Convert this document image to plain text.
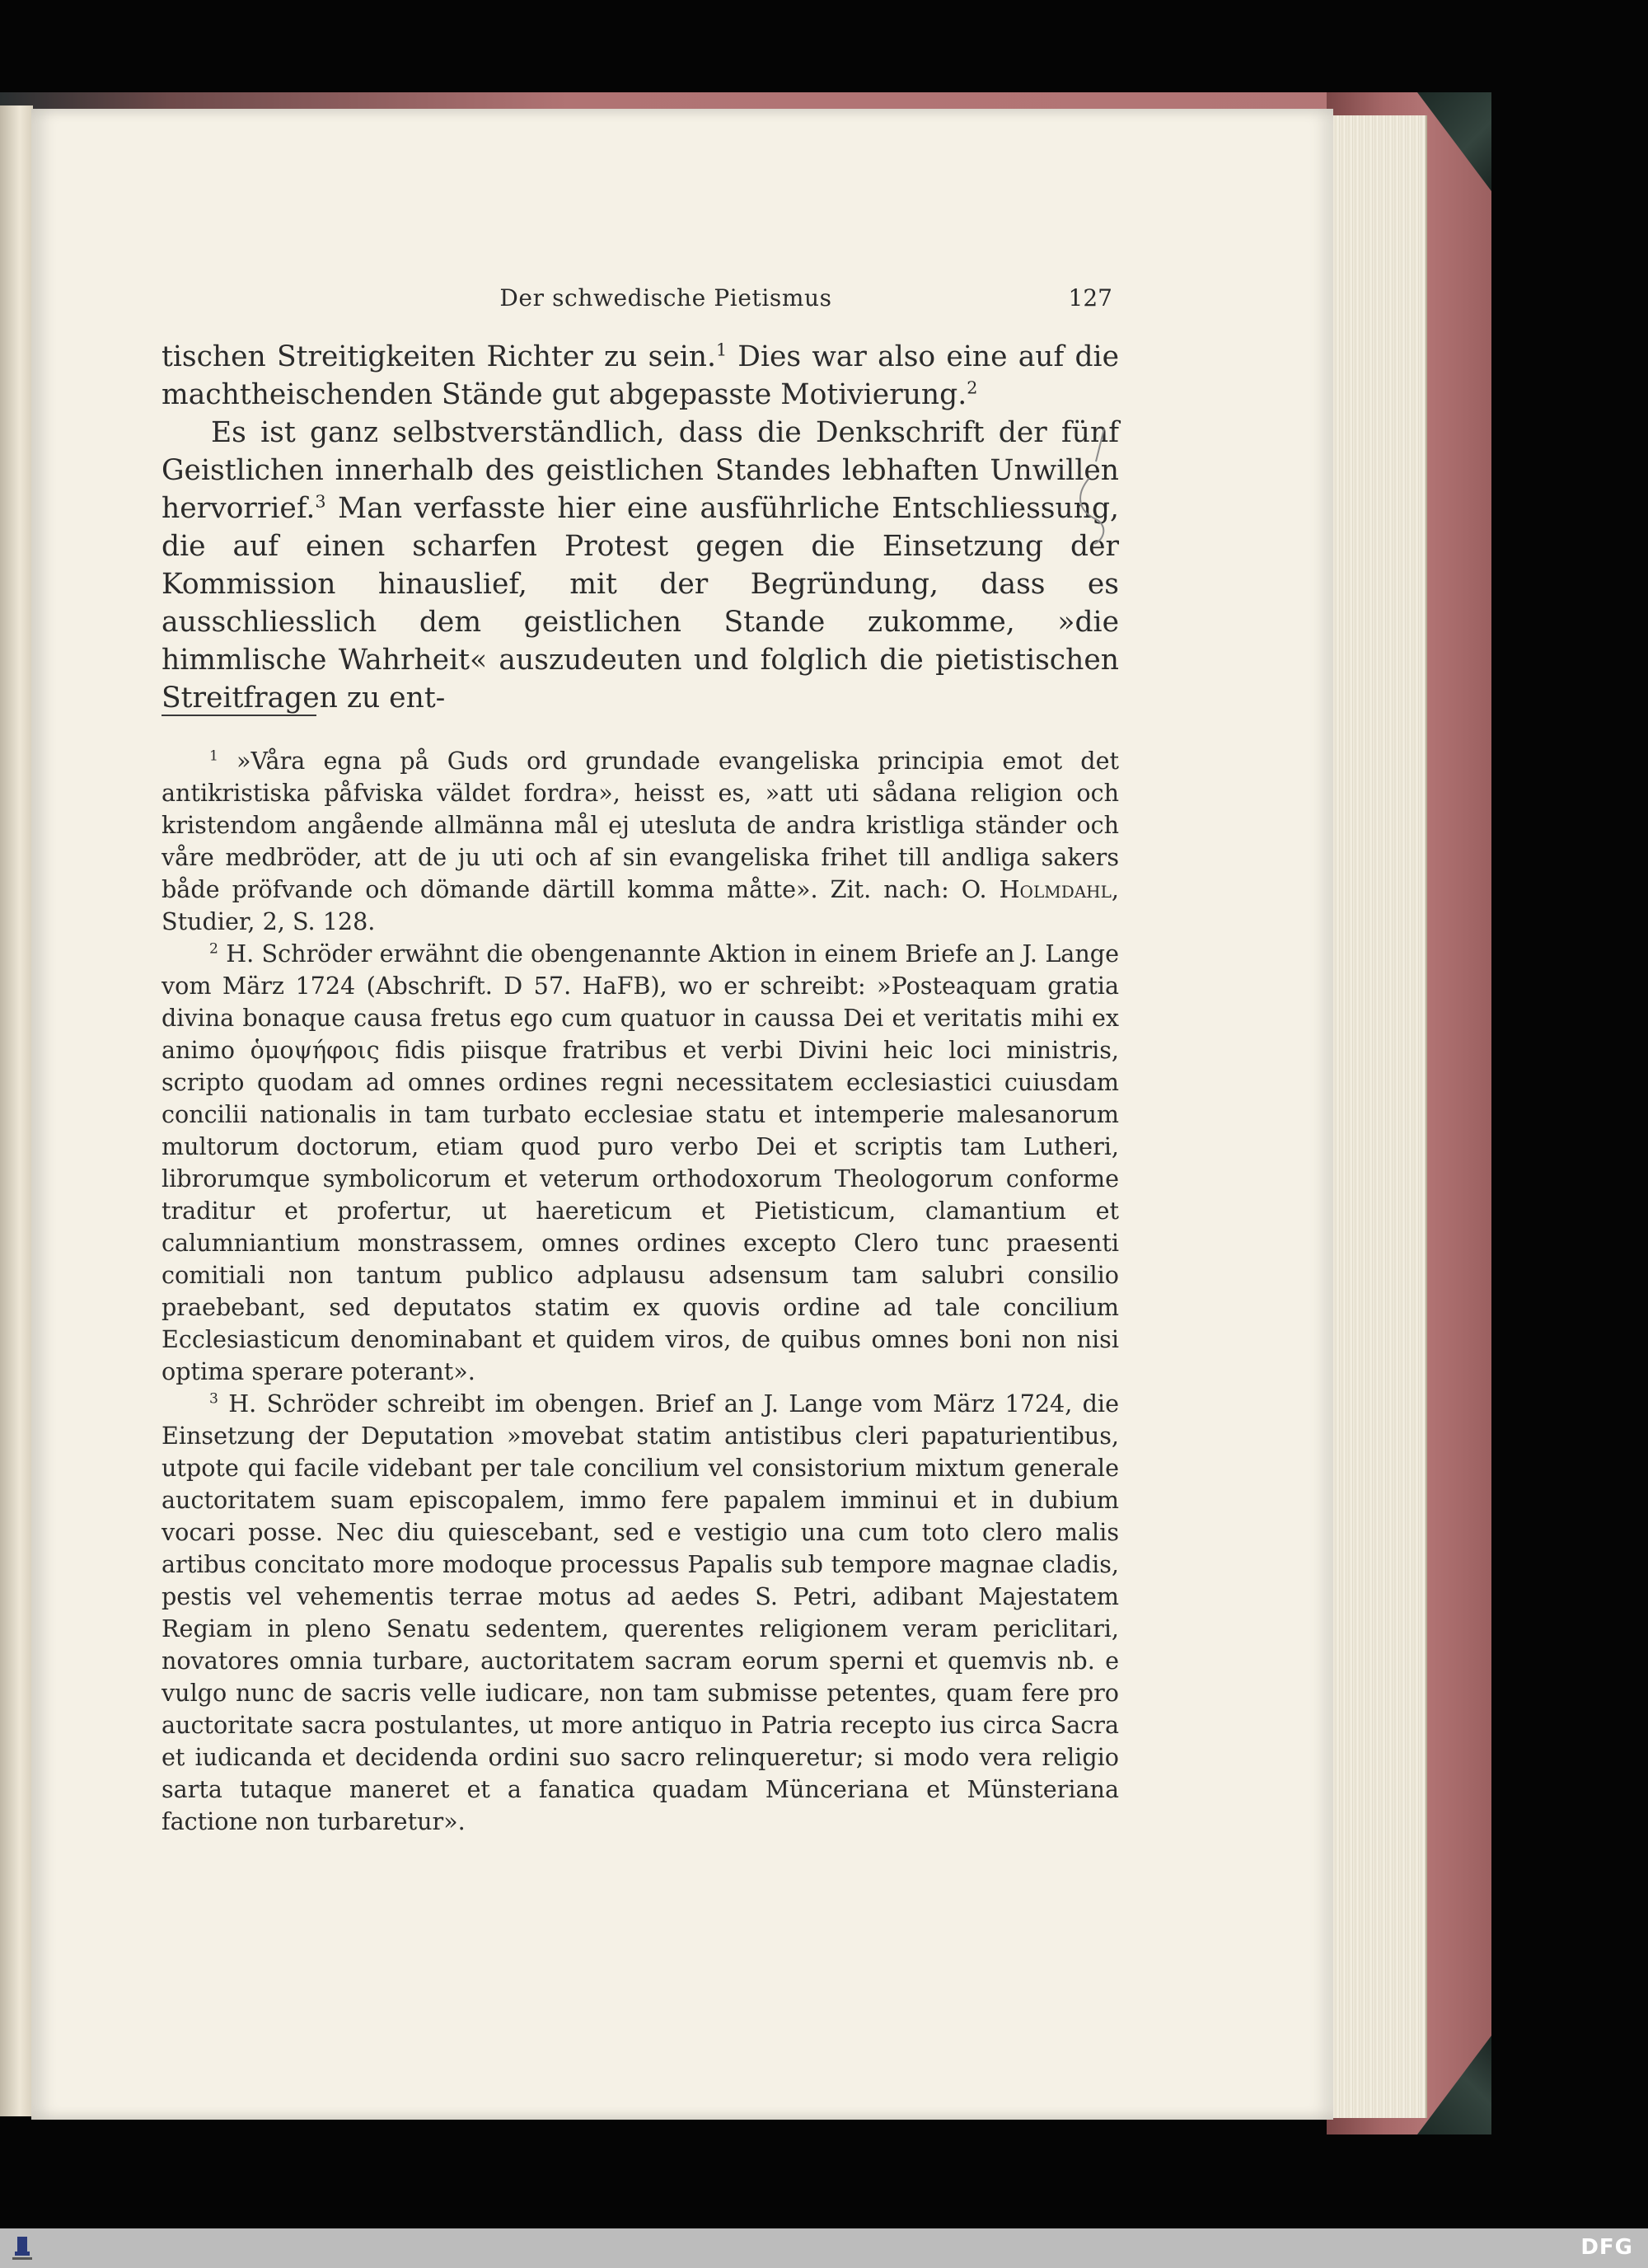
Der schwedische Pietismus	127

tischen Streitigkeiten Richter zu sein.$^1$ Dies war also eine auf die machtheischenden Stände gut abgepasste Motivierung.$^2$

Es ist ganz selbstverständlich, dass die Denkschrift der fünf Geistlichen innerhalb des geistlichen Standes lebhaften Unwillen hervorrief.$^3$ Man verfasste hier eine ausführliche Entschliessung, die auf einen scharfen Protest gegen die Einsetzung der Kommission hinauslief, mit der Begründung, dass es ausschliesslich dem geistlichen Stande zukomme, »die himmlische Wahrheit« auszudeuten und folglich die pietistischen Streitfragen zu ent-

$^1$ »Våra egna på Guds ord grundade evangeliska principia emot det antikristiska påfviska väldet fordra», heisst es, »att uti sådana religion och kristendom angående allmänna mål ej utesluta de andra kristliga ständer och våre medbröder, att de ju uti och af sin evangeliska frihet till andliga sakers både pröfvande och dömande därtill komma måtte». Zit. nach: O. Holmdahl, Studier, 2, S. 128.

$^2$ H. Schröder erwähnt die obengenannte Aktion in einem Briefe an J. Lange vom März 1724 (Abschrift. D 57. HaFB), wo er schreibt: »Posteaquam gratia divina bonaque causa fretus ego cum quatuor in caussa Dei et veritatis mihi ex animo ὁμοψήφοις fidis piisque fratribus et verbi Divini heic loci ministris, scripto quodam ad omnes ordines regni necessitatem ecclesiastici cuiusdam concilii nationalis in tam turbato ecclesiae statu et intemperie malesanorum multorum doctorum, etiam quod puro verbo Dei et scriptis tam Lutheri, librorumque symbolicorum et veterum orthodoxorum Theologorum conforme traditur et profertur, ut haereticum et Pietisticum, clamantium et calumniantium monstrassem, omnes ordines excepto Clero tunc praesenti comitiali non tantum publico adplausu adsensum tam salubri consilio praebebant, sed deputatos statim ex quovis ordine ad tale concilium Ecclesiasticum denominabant et quidem viros, de quibus omnes boni non nisi optima sperare poterant».

$^3$ H. Schröder schreibt im obengen. Brief an J. Lange vom März 1724, die Einsetzung der Deputation »movebat statim antistibus cleri papaturientibus, utpote qui facile videbant per tale concilium vel consistorium mixtum generale auctoritatem suam episcopalem, immo fere papalem imminui et in dubium vocari posse. Nec diu quiescebant, sed e vestigio una cum toto clero malis artibus concitato more modoque processus Papalis sub tempore magnae cladis, pestis vel vehementis terrae motus ad aedes S. Petri, adibant Majestatem Regiam in pleno Senatu sedentem, querentes religionem veram periclitari, novatores omnia turbare, auctoritatem sacram eorum sperni et quemvis nb. e vulgo nunc de sacris velle iudicare, non tam submisse petentes, quam fere pro auctoritate sacra postulantes, ut more antiquo in Patria recepto ius circa Sacra et iudicanda et decidenda ordini suo sacro relinqueretur; si modo vera religio sarta tutaque maneret et a fanatica quadam Münceriana et Münsteriana factione non turbaretur».

DFG
